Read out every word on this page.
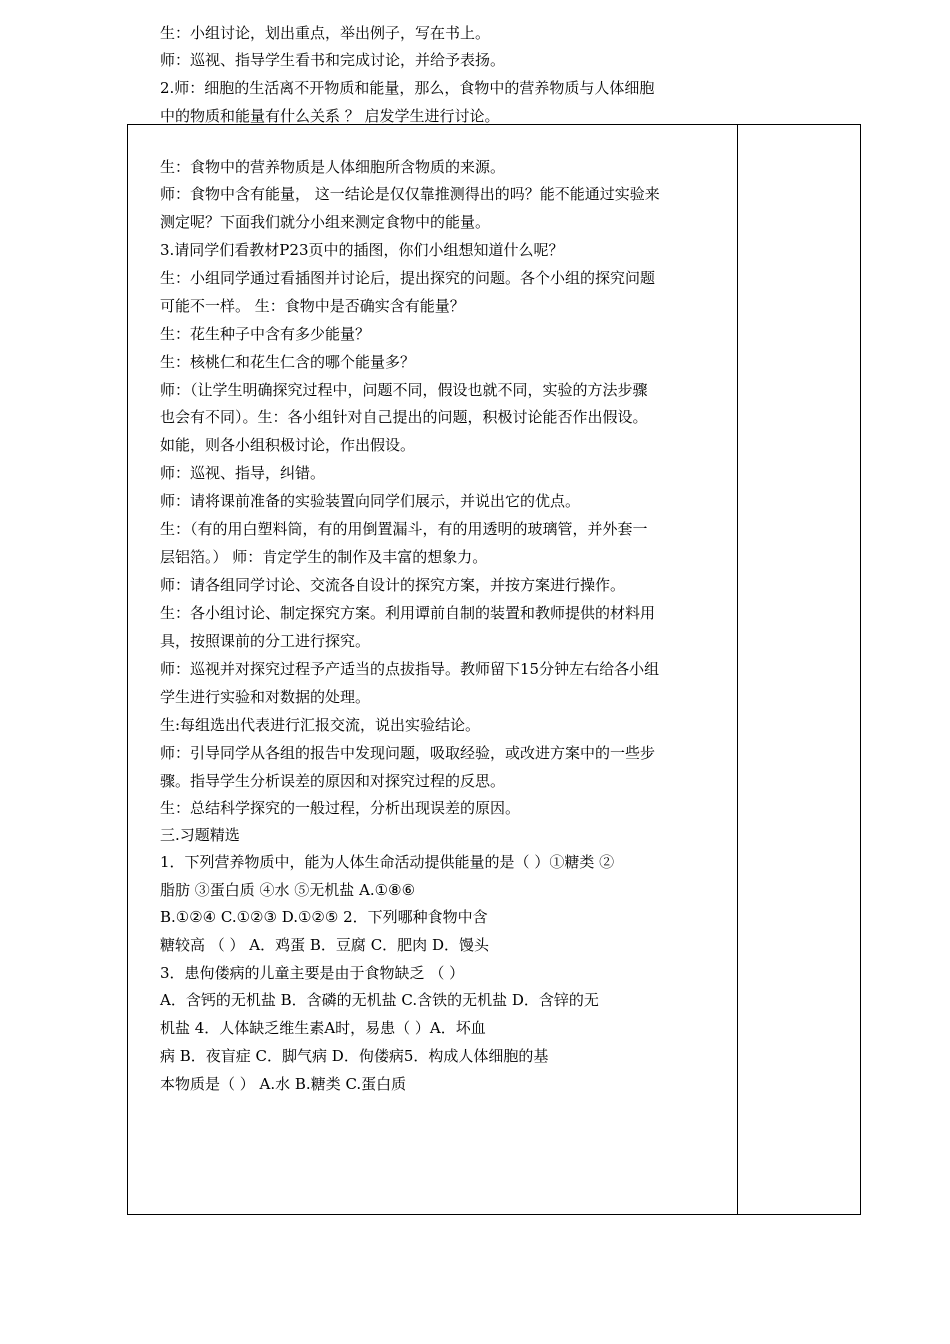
生：小组讨论，划出重点，举出例子，写在书上。
师：巡视、指导学生看书和完成讨论，并给予表扬。
2.师：细胞的生活离不开物质和能量，那么，食物中的营养物质与人体细胞
中的物质和能量有什么关系 ？ 启发学生进行讨论。
生：食物中的营养物质是人体细胞所含物质的来源。
师：食物中含有能量， 这一结论是仅仅靠推测得出的吗？能不能通过实验来
测定呢？下面我们就分小组来测定食物中的能量。
3.请同学们看教材P23页中的插图，你们小组想知道什么呢？
生：小组同学通过看插图并讨论后，提出探究的问题。各个小组的探究问题
可能不一样。 生：食物中是否确实含有能量？
生：花生种子中含有多少能量？
生：核桃仁和花生仁含的哪个能量多？
师：（让学生明确探究过程中，问题不同，假设也就不同，实验的方法步骤
也会有不同）。生：各小组针对自己提出的问题，积极讨论能否作出假设。
如能，则各小组积极讨论，作出假设。
师：巡视、指导，纠错。
师：请将课前准备的实验装置向同学们展示，并说出它的优点。
生：（有的用白塑料筒，有的用倒置漏斗，有的用透明的玻璃管，并外套一
层铝箔。） 师：肯定学生的制作及丰富的想象力。
师：请各组同学讨论、交流各自设计的探究方案，并按方案进行操作。
生：各小组讨论、制定探究方案。利用谭前自制的装置和教师提供的材料用
具，按照课前的分工进行探究。
师：巡视并对探究过程予产适当的点拔指导。教师留下15分钟左右给各小组
学生进行实验和对数据的处理。
生:每组选出代表进行汇报交流，说出实验结论。
师：引导同学从各组的报告中发现问题，吸取经验，或改进方案中的一些步
骤。指导学生分析误差的原因和对探究过程的反思。
生：总结科学探究的一般过程，分析出现误差的原因。
三.习题精选
1．下列营养物质中，能为人体生命活动提供能量的是（ ）①糖类 ②
脂肪 ③蛋白质 ④水 ⑤无机盐 A.①⑧⑥
B.①②④ C.①②③ D.①②⑤ 2．下列哪种食物中含
糖较高 （ ） A．鸡蛋 B．豆腐 C．肥肉 D．馒头
3．患佝偻病的儿童主要是由于食物缺乏 （ ）
A．含钙的无机盐 B．含磷的无机盐 C.含铁的无机盐 D．含锌的无
机盐 4．人体缺乏维生素A时，易患（ ）A．坏血
病 B．夜盲症 C．脚气病 D．佝偻病5．构成人体细胞的基
本物质是（ ） A.水 B.糖类 C.蛋白质
